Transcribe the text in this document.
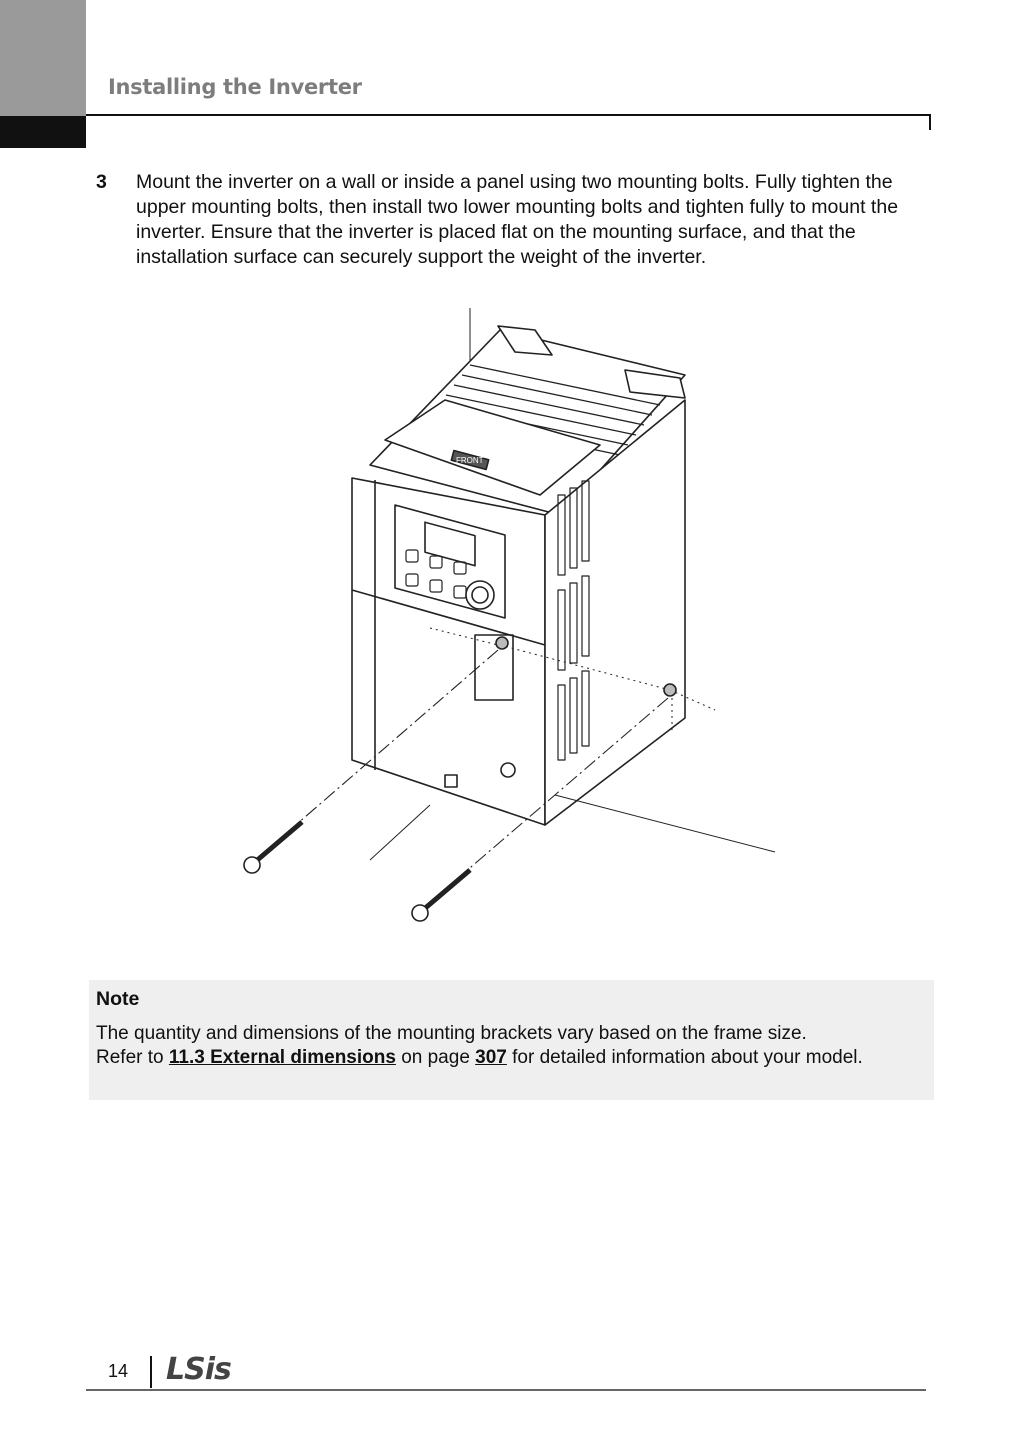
Installing the Inverter
3 Mount the inverter on a wall or inside a panel using two mounting bolts. Fully tighten the upper mounting bolts, then install two lower mounting bolts and tighten fully to mount the inverter. Ensure that the inverter is placed flat on the mounting surface, and that the installation surface can securely support the weight of the inverter.
FRONT
Note
The quantity and dimensions of the mounting brackets vary based on the frame size.
Refer to 11.3 External dimensions on page 307 for detailed information about your model.
14 LSis
